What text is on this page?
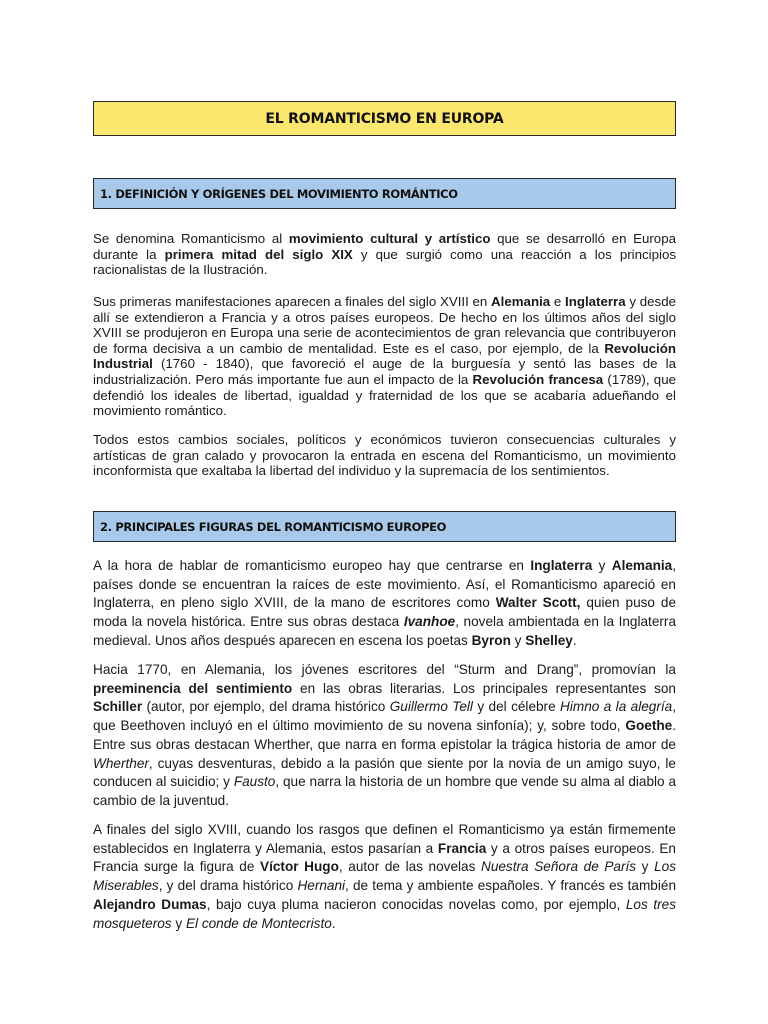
EL ROMANTICISMO EN EUROPA
1. DEFINICIÓN Y ORÍGENES DEL MOVIMIENTO ROMÁNTICO

Se denomina Romanticismo al movimiento cultural y artístico que se desarrolló en Europa durante la primera mitad del siglo XIX y que surgió como una reacción a los principios racionalistas de la Ilustración.

Sus primeras manifestaciones aparecen a finales del siglo XVIII en Alemania e Inglaterra y desde allí se extendieron a Francia y a otros países europeos. De hecho en los últimos años del siglo XVIII se produjeron en Europa una serie de acontecimientos de gran relevancia que contribuyeron de forma decisiva a un cambio de mentalidad. Este es el caso, por ejemplo, de la Revolución Industrial (1760 - 1840), que favoreció el auge de la burguesía y sentó las bases de la industrialización. Pero más importante fue aun el impacto de la Revolución francesa (1789), que defendió los ideales de libertad, igualdad y fraternidad de los que se acabaría adueñando el movimiento romántico.

Todos estos cambios sociales, políticos y económicos tuvieron consecuencias culturales y artísticas de gran calado y provocaron la entrada en escena del Romanticismo, un movimiento inconformista que exaltaba la libertad del individuo y la supremacía de los sentimientos.

2. PRINCIPALES FIGURAS DEL ROMANTICISMO EUROPEO

A la hora de hablar de romanticismo europeo hay que centrarse en Inglaterra y Alemania, países donde se encuentran la raíces de este movimiento. Así, el Romanticismo apareció en Inglaterra, en pleno siglo XVIII, de la mano de escritores como Walter Scott, quien puso de moda la novela histórica. Entre sus obras destaca Ivanhoe, novela ambientada en la Inglaterra medieval. Unos años después aparecen en escena los poetas Byron y Shelley.

Hacia 1770, en Alemania, los jóvenes escritores del “Sturm and Drang”, promovían la preeminencia del sentimiento en las obras literarias. Los principales representantes son Schiller (autor, por ejemplo, del drama histórico Guillermo Tell y del célebre Himno a la alegría, que Beethoven incluyó en el último movimiento de su novena sinfonía); y, sobre todo, Goethe. Entre sus obras destacan Wherther, que narra en forma epistolar la trágica historia de amor de Wherther, cuyas desventuras, debido a la pasión que siente por la novia de un amigo suyo, le conducen al suicidio; y Fausto, que narra la historia de un hombre que vende su alma al diablo a cambio de la juventud.

A finales del siglo XVIII, cuando los rasgos que definen el Romanticismo ya están firmemente establecidos en Inglaterra y Alemania, estos pasarían a Francia y a otros países europeos. En Francia surge la figura de Víctor Hugo, autor de las novelas Nuestra Señora de París y Los Miserables, y del drama histórico Hernani, de tema y ambiente españoles. Y francés es también Alejandro Dumas, bajo cuya pluma nacieron conocidas novelas como, por ejemplo, Los tres mosqueteros y El conde de Montecristo.
